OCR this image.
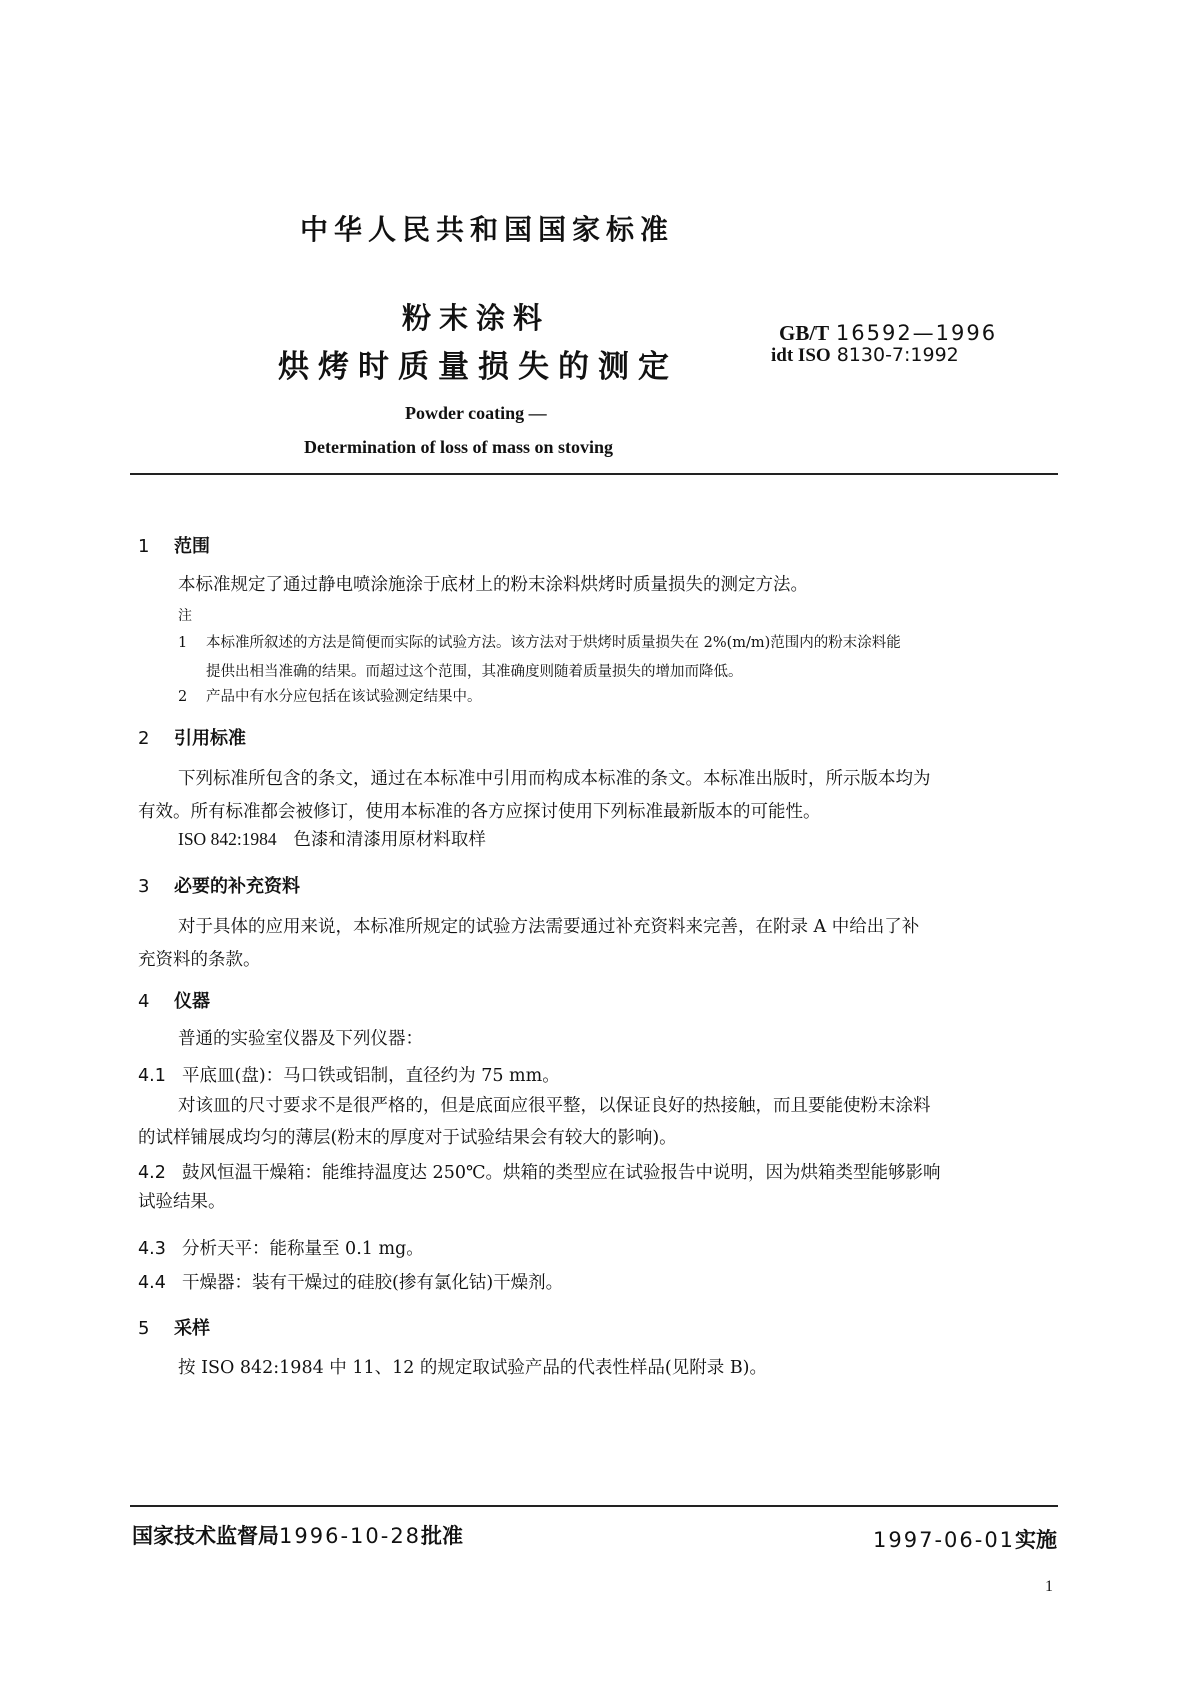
中华人民共和国国家标准
粉末涂料
烘烤时质量损失的测定
GB/T 16592—1996
idt ISO 8130-7:1992
Powder coating —
Determination of loss of mass on stoving
1 范围
本标准规定了通过静电喷涂施涂于底材上的粉末涂料烘烤时质量损失的测定方法。
注
1 本标准所叙述的方法是简便而实际的试验方法。该方法对于烘烤时质量损失在 2%(m/m)范围内的粉末涂料能
提供出相当准确的结果。而超过这个范围，其准确度则随着质量损失的增加而降低。
2 产品中有水分应包括在该试验测定结果中。
2 引用标准
下列标准所包含的条文，通过在本标准中引用而构成本标准的条文。本标准出版时，所示版本均为
有效。所有标准都会被修订，使用本标准的各方应探讨使用下列标准最新版本的可能性。
ISO 842:1984 色漆和清漆用原材料取样
3 必要的补充资料
对于具体的应用来说，本标准所规定的试验方法需要通过补充资料来完善，在附录 A 中给出了补
充资料的条款。
4 仪器
普通的实验室仪器及下列仪器：
4.1 平底皿(盘)：马口铁或铝制，直径约为 75 mm。
对该皿的尺寸要求不是很严格的，但是底面应很平整，以保证良好的热接触，而且要能使粉末涂料
的试样铺展成均匀的薄层(粉末的厚度对于试验结果会有较大的影响)。
4.2 鼓风恒温干燥箱：能维持温度达 250℃。烘箱的类型应在试验报告中说明，因为烘箱类型能够影响
试验结果。
4.3 分析天平：能称量至 0.1 mg。
4.4 干燥器：装有干燥过的硅胶(掺有氯化钴)干燥剂。
5 采样
按 ISO 842:1984 中 11、12 的规定取试验产品的代表性样品(见附录 B)。
国家技术监督局1996-10-28批准	1997-06-01实施
1
